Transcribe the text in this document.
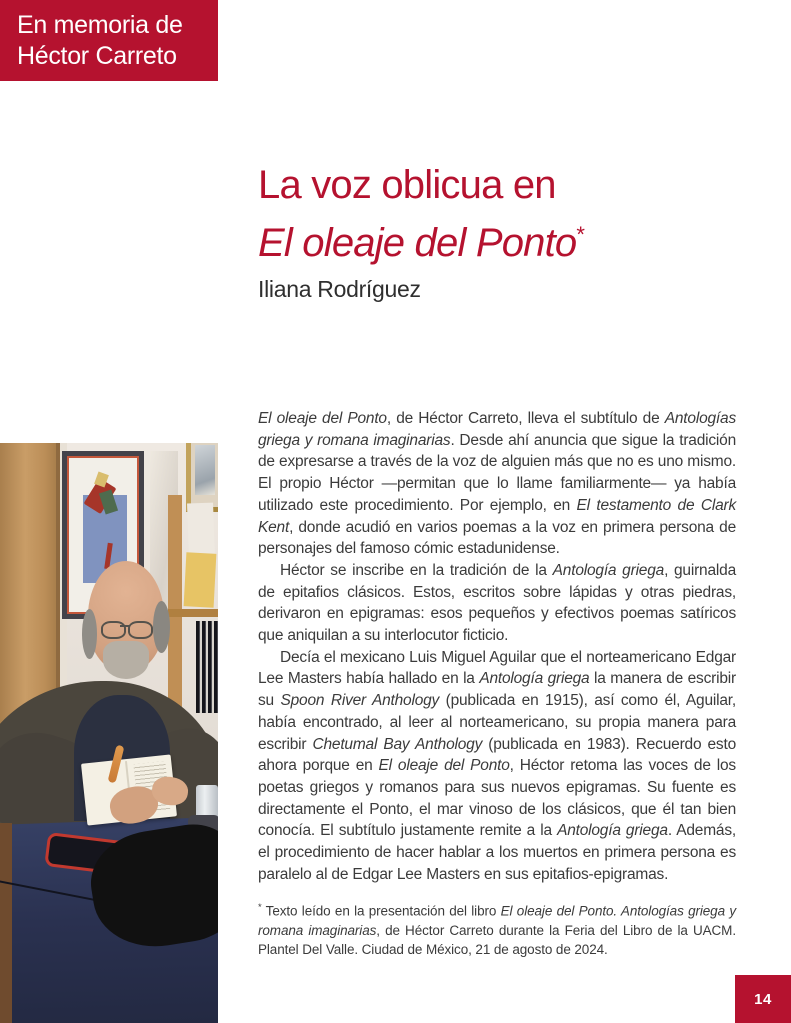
En memoria de
Héctor Carreto
La voz oblicua en
El oleaje del Ponto*
Iliana Rodríguez

El oleaje del Ponto, de Héctor Carreto, lleva el subtítulo de Antologías griega y romana imaginarias. Desde ahí anuncia que sigue la tradición de expresarse a través de la voz de alguien más que no es uno mismo. El propio Héctor —permitan que lo llame familiarmente— ya había utilizado este procedimiento. Por ejemplo, en El testamento de Clark Kent, donde acudió en varios poemas a la voz en primera persona de personajes del famoso cómic estadunidense.

Héctor se inscribe en la tradición de la Antología griega, guirnalda de epitafios clásicos. Estos, escritos sobre lápidas y otras piedras, derivaron en epigramas: esos pequeños y efectivos poemas satíricos que aniquilan a su interlocutor ficticio.

Decía el mexicano Luis Miguel Aguilar que el norteamericano Edgar Lee Masters había hallado en la Antología griega la manera de escribir su Spoon River Anthology (publicada en 1915), así como él, Aguilar, había encontrado, al leer al norteamericano, su propia manera para escribir Chetumal Bay Anthology (publicada en 1983). Recuerdo esto ahora porque en El oleaje del Ponto, Héctor retoma las voces de los poetas griegos y romanos para sus nuevos epigramas. Su fuente es directamente el Ponto, el mar vinoso de los clásicos, que él tan bien conocía. El subtítulo justamente remite a la Antología griega. Además, el procedimiento de hacer hablar a los muertos en primera persona es paralelo al de Edgar Lee Masters en sus epitafios-epigramas.

* Texto leído en la presentación del libro El oleaje del Ponto. Antologías griega y romana imaginarias, de Héctor Carreto durante la Feria del Libro de la UACM. Plantel Del Valle. Ciudad de México, 21 de agosto de 2024.
14
